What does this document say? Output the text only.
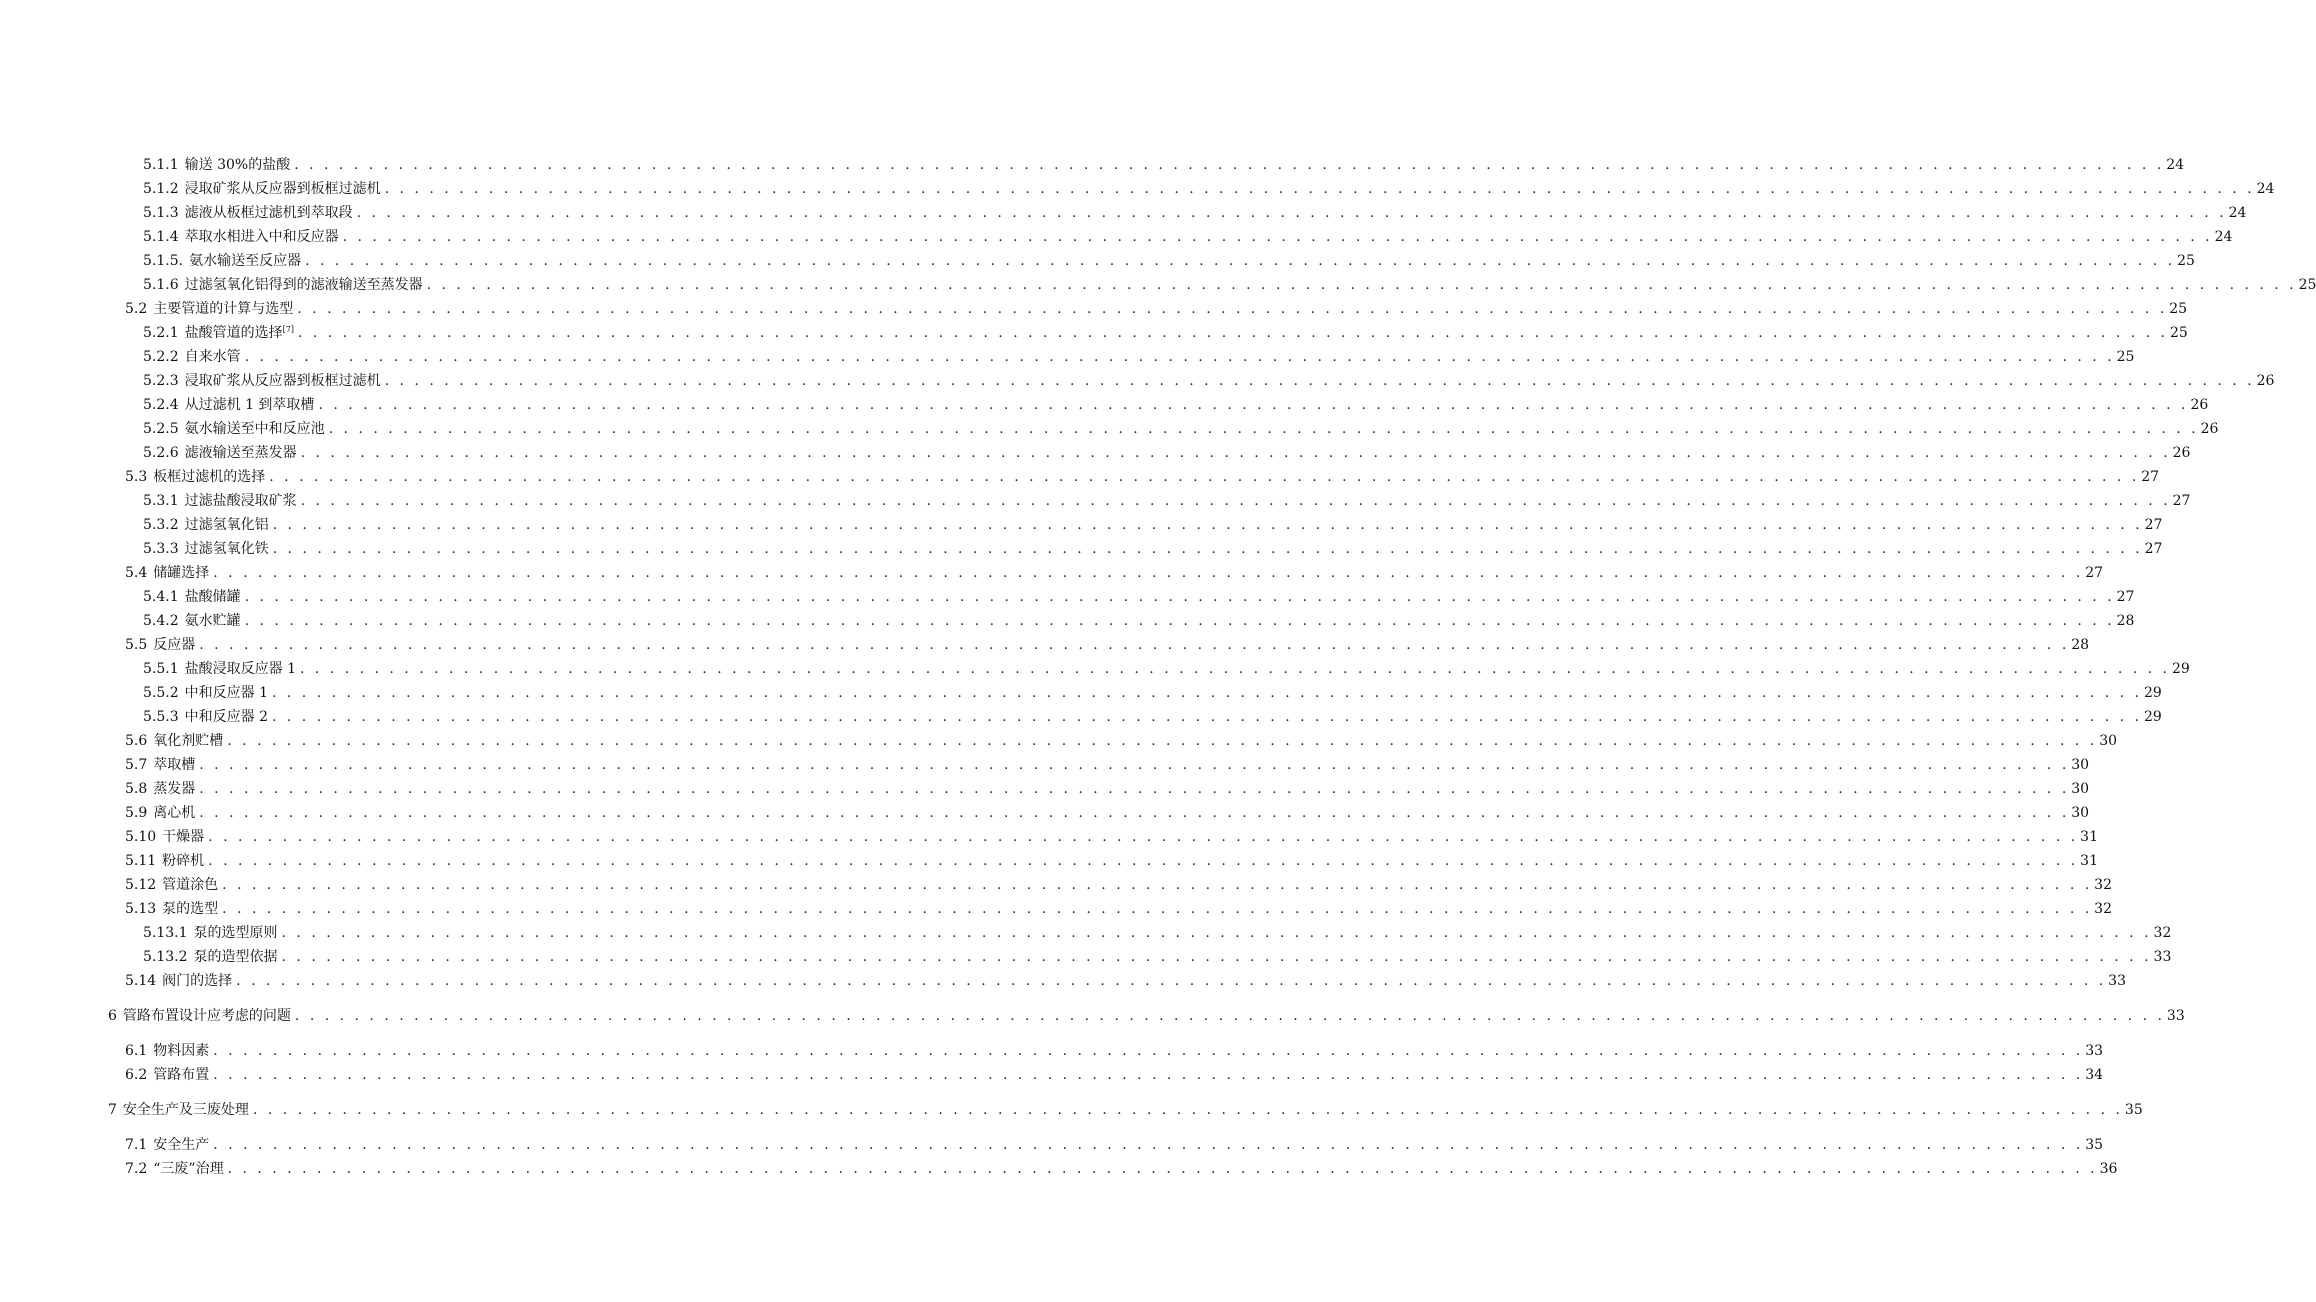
5.1.1 输送 30%的盐酸 . . . . . . . . . . . . . . . . . . . . . . . . . . . . . . . . . . . . . . . . . . . . . . . . . . . . . . . . . . . . . . . . . . . . . . . . . . . . . . . . . . . . . . . . . . . . . . . . . . . . . . . . . . . . . . . . . . . . . . . . . . . . . . 24
5.1.2 浸取矿浆从反应器到板框过滤机 . . . . . . . . . . . . . . . . . . . . . . . . . . . . . . . . . . . . . . . . . . . . . . . . . . . . . . . . . . . . . . . . . . . . . . . . . . . . . . . . . . . . . . . . . . . . . . . . . . . . . . . . . . . . . . . . . . . . . . . . . . . . . . 24
5.1.3 滤液从板框过滤机到萃取段 . . . . . . . . . . . . . . . . . . . . . . . . . . . . . . . . . . . . . . . . . . . . . . . . . . . . . . . . . . . . . . . . . . . . . . . . . . . . . . . . . . . . . . . . . . . . . . . . . . . . . . . . . . . . . . . . . . . . . . . . . . . . . . 24
5.1.4 萃取水相进入中和反应器 . . . . . . . . . . . . . . . . . . . . . . . . . . . . . . . . . . . . . . . . . . . . . . . . . . . . . . . . . . . . . . . . . . . . . . . . . . . . . . . . . . . . . . . . . . . . . . . . . . . . . . . . . . . . . . . . . . . . . . . . . . . . . . 24
5.1.5. 氨水输送至反应器 . . . . . . . . . . . . . . . . . . . . . . . . . . . . . . . . . . . . . . . . . . . . . . . . . . . . . . . . . . . . . . . . . . . . . . . . . . . . . . . . . . . . . . . . . . . . . . . . . . . . . . . . . . . . . . . . . . . . . . . . . . . . . . 25
5.1.6 过滤氢氧化铝得到的滤液输送至蒸发器 . . . . . . . . . . . . . . . . . . . . . . . . . . . . . . . . . . . . . . . . . . . . . . . . . . . . . . . . . . . . . . . . . . . . . . . . . . . . . . . . . . . . . . . . . . . . . . . . . . . . . . . . . . . . . . . . . . . . . . . . . . . . . . 25
5.2 主要管道的计算与选型 . . . . . . . . . . . . . . . . . . . . . . . . . . . . . . . . . . . . . . . . . . . . . . . . . . . . . . . . . . . . . . . . . . . . . . . . . . . . . . . . . . . . . . . . . . . . . . . . . . . . . . . . . . . . . . . . . . . . . . . . . . . . . . 25
5.2.1 盐酸管道的选择[7] . . . . . . . . . . . . . . . . . . . . . . . . . . . . . . . . . . . . . . . . . . . . . . . . . . . . . . . . . . . . . . . . . . . . . . . . . . . . . . . . . . . . . . . . . . . . . . . . . . . . . . . . . . . . . . . . . . . . . . . . . . . . . . 25
5.2.2 自来水管 . . . . . . . . . . . . . . . . . . . . . . . . . . . . . . . . . . . . . . . . . . . . . . . . . . . . . . . . . . . . . . . . . . . . . . . . . . . . . . . . . . . . . . . . . . . . . . . . . . . . . . . . . . . . . . . . . . . . . . . . . . . . . . 25
5.2.3 浸取矿浆从反应器到板框过滤机 . . . . . . . . . . . . . . . . . . . . . . . . . . . . . . . . . . . . . . . . . . . . . . . . . . . . . . . . . . . . . . . . . . . . . . . . . . . . . . . . . . . . . . . . . . . . . . . . . . . . . . . . . . . . . . . . . . . . . . . . . . . . . . 26
5.2.4 从过滤机 1 到萃取槽 . . . . . . . . . . . . . . . . . . . . . . . . . . . . . . . . . . . . . . . . . . . . . . . . . . . . . . . . . . . . . . . . . . . . . . . . . . . . . . . . . . . . . . . . . . . . . . . . . . . . . . . . . . . . . . . . . . . . . . . . . . . . . . 26
5.2.5 氨水输送至中和反应池 . . . . . . . . . . . . . . . . . . . . . . . . . . . . . . . . . . . . . . . . . . . . . . . . . . . . . . . . . . . . . . . . . . . . . . . . . . . . . . . . . . . . . . . . . . . . . . . . . . . . . . . . . . . . . . . . . . . . . . . . . . . . . . 26
5.2.6 滤液输送至蒸发器 . . . . . . . . . . . . . . . . . . . . . . . . . . . . . . . . . . . . . . . . . . . . . . . . . . . . . . . . . . . . . . . . . . . . . . . . . . . . . . . . . . . . . . . . . . . . . . . . . . . . . . . . . . . . . . . . . . . . . . . . . . . . . . 26
5.3 板框过滤机的选择 . . . . . . . . . . . . . . . . . . . . . . . . . . . . . . . . . . . . . . . . . . . . . . . . . . . . . . . . . . . . . . . . . . . . . . . . . . . . . . . . . . . . . . . . . . . . . . . . . . . . . . . . . . . . . . . . . . . . . . . . . . . . . . 27
5.3.1 过滤盐酸浸取矿浆 . . . . . . . . . . . . . . . . . . . . . . . . . . . . . . . . . . . . . . . . . . . . . . . . . . . . . . . . . . . . . . . . . . . . . . . . . . . . . . . . . . . . . . . . . . . . . . . . . . . . . . . . . . . . . . . . . . . . . . . . . . . . . . 27
5.3.2 过滤氢氧化铝 . . . . . . . . . . . . . . . . . . . . . . . . . . . . . . . . . . . . . . . . . . . . . . . . . . . . . . . . . . . . . . . . . . . . . . . . . . . . . . . . . . . . . . . . . . . . . . . . . . . . . . . . . . . . . . . . . . . . . . . . . . . . . . 27
5.3.3 过滤氢氧化铁 . . . . . . . . . . . . . . . . . . . . . . . . . . . . . . . . . . . . . . . . . . . . . . . . . . . . . . . . . . . . . . . . . . . . . . . . . . . . . . . . . . . . . . . . . . . . . . . . . . . . . . . . . . . . . . . . . . . . . . . . . . . . . . 27
5.4 储罐选择 . . . . . . . . . . . . . . . . . . . . . . . . . . . . . . . . . . . . . . . . . . . . . . . . . . . . . . . . . . . . . . . . . . . . . . . . . . . . . . . . . . . . . . . . . . . . . . . . . . . . . . . . . . . . . . . . . . . . . . . . . . . . . . 27
5.4.1 盐酸储罐 . . . . . . . . . . . . . . . . . . . . . . . . . . . . . . . . . . . . . . . . . . . . . . . . . . . . . . . . . . . . . . . . . . . . . . . . . . . . . . . . . . . . . . . . . . . . . . . . . . . . . . . . . . . . . . . . . . . . . . . . . . . . . . 27
5.4.2 氨水贮罐 . . . . . . . . . . . . . . . . . . . . . . . . . . . . . . . . . . . . . . . . . . . . . . . . . . . . . . . . . . . . . . . . . . . . . . . . . . . . . . . . . . . . . . . . . . . . . . . . . . . . . . . . . . . . . . . . . . . . . . . . . . . . . . 28
5.5 反应器 . . . . . . . . . . . . . . . . . . . . . . . . . . . . . . . . . . . . . . . . . . . . . . . . . . . . . . . . . . . . . . . . . . . . . . . . . . . . . . . . . . . . . . . . . . . . . . . . . . . . . . . . . . . . . . . . . . . . . . . . . . . . . . 28
5.5.1 盐酸浸取反应器 1 . . . . . . . . . . . . . . . . . . . . . . . . . . . . . . . . . . . . . . . . . . . . . . . . . . . . . . . . . . . . . . . . . . . . . . . . . . . . . . . . . . . . . . . . . . . . . . . . . . . . . . . . . . . . . . . . . . . . . . . . . . . . . . 29
5.5.2 中和反应器 1 . . . . . . . . . . . . . . . . . . . . . . . . . . . . . . . . . . . . . . . . . . . . . . . . . . . . . . . . . . . . . . . . . . . . . . . . . . . . . . . . . . . . . . . . . . . . . . . . . . . . . . . . . . . . . . . . . . . . . . . . . . . . . . 29
5.5.3 中和反应器 2 . . . . . . . . . . . . . . . . . . . . . . . . . . . . . . . . . . . . . . . . . . . . . . . . . . . . . . . . . . . . . . . . . . . . . . . . . . . . . . . . . . . . . . . . . . . . . . . . . . . . . . . . . . . . . . . . . . . . . . . . . . . . . . 29
5.6 氧化剂贮槽 . . . . . . . . . . . . . . . . . . . . . . . . . . . . . . . . . . . . . . . . . . . . . . . . . . . . . . . . . . . . . . . . . . . . . . . . . . . . . . . . . . . . . . . . . . . . . . . . . . . . . . . . . . . . . . . . . . . . . . . . . . . . . . 30
5.7 萃取槽 . . . . . . . . . . . . . . . . . . . . . . . . . . . . . . . . . . . . . . . . . . . . . . . . . . . . . . . . . . . . . . . . . . . . . . . . . . . . . . . . . . . . . . . . . . . . . . . . . . . . . . . . . . . . . . . . . . . . . . . . . . . . . . 30
5.8 蒸发器 . . . . . . . . . . . . . . . . . . . . . . . . . . . . . . . . . . . . . . . . . . . . . . . . . . . . . . . . . . . . . . . . . . . . . . . . . . . . . . . . . . . . . . . . . . . . . . . . . . . . . . . . . . . . . . . . . . . . . . . . . . . . . . 30
5.9 离心机 . . . . . . . . . . . . . . . . . . . . . . . . . . . . . . . . . . . . . . . . . . . . . . . . . . . . . . . . . . . . . . . . . . . . . . . . . . . . . . . . . . . . . . . . . . . . . . . . . . . . . . . . . . . . . . . . . . . . . . . . . . . . . . 30
5.10 干燥器 . . . . . . . . . . . . . . . . . . . . . . . . . . . . . . . . . . . . . . . . . . . . . . . . . . . . . . . . . . . . . . . . . . . . . . . . . . . . . . . . . . . . . . . . . . . . . . . . . . . . . . . . . . . . . . . . . . . . . . . . . . . . . . 31
5.11 粉碎机 . . . . . . . . . . . . . . . . . . . . . . . . . . . . . . . . . . . . . . . . . . . . . . . . . . . . . . . . . . . . . . . . . . . . . . . . . . . . . . . . . . . . . . . . . . . . . . . . . . . . . . . . . . . . . . . . . . . . . . . . . . . . . . 31
5.12 管道涂色 . . . . . . . . . . . . . . . . . . . . . . . . . . . . . . . . . . . . . . . . . . . . . . . . . . . . . . . . . . . . . . . . . . . . . . . . . . . . . . . . . . . . . . . . . . . . . . . . . . . . . . . . . . . . . . . . . . . . . . . . . . . . . . 32
5.13 泵的选型 . . . . . . . . . . . . . . . . . . . . . . . . . . . . . . . . . . . . . . . . . . . . . . . . . . . . . . . . . . . . . . . . . . . . . . . . . . . . . . . . . . . . . . . . . . . . . . . . . . . . . . . . . . . . . . . . . . . . . . . . . . . . . . 32
5.13.1 泵的选型原则 . . . . . . . . . . . . . . . . . . . . . . . . . . . . . . . . . . . . . . . . . . . . . . . . . . . . . . . . . . . . . . . . . . . . . . . . . . . . . . . . . . . . . . . . . . . . . . . . . . . . . . . . . . . . . . . . . . . . . . . . . . . . . . 32
5.13.2 泵的造型依据 . . . . . . . . . . . . . . . . . . . . . . . . . . . . . . . . . . . . . . . . . . . . . . . . . . . . . . . . . . . . . . . . . . . . . . . . . . . . . . . . . . . . . . . . . . . . . . . . . . . . . . . . . . . . . . . . . . . . . . . . . . . . . . 33
5.14 阀门的选择 . . . . . . . . . . . . . . . . . . . . . . . . . . . . . . . . . . . . . . . . . . . . . . . . . . . . . . . . . . . . . . . . . . . . . . . . . . . . . . . . . . . . . . . . . . . . . . . . . . . . . . . . . . . . . . . . . . . . . . . . . . . . . . 33
6 管路布置设计应考虑的问题 . . . . . . . . . . . . . . . . . . . . . . . . . . . . . . . . . . . . . . . . . . . . . . . . . . . . . . . . . . . . . . . . . . . . . . . . . . . . . . . . . . . . . . . . . . . . . . . . . . . . . . . . . . . . . . . . . . . . . . . . . . . . . . 33
6.1 物料因素 . . . . . . . . . . . . . . . . . . . . . . . . . . . . . . . . . . . . . . . . . . . . . . . . . . . . . . . . . . . . . . . . . . . . . . . . . . . . . . . . . . . . . . . . . . . . . . . . . . . . . . . . . . . . . . . . . . . . . . . . . . . . . . 33
6.2 管路布置 . . . . . . . . . . . . . . . . . . . . . . . . . . . . . . . . . . . . . . . . . . . . . . . . . . . . . . . . . . . . . . . . . . . . . . . . . . . . . . . . . . . . . . . . . . . . . . . . . . . . . . . . . . . . . . . . . . . . . . . . . . . . . . 34
7 安全生产及三废处理 . . . . . . . . . . . . . . . . . . . . . . . . . . . . . . . . . . . . . . . . . . . . . . . . . . . . . . . . . . . . . . . . . . . . . . . . . . . . . . . . . . . . . . . . . . . . . . . . . . . . . . . . . . . . . . . . . . . . . . . . . . . . . . 35
7.1 安全生产 . . . . . . . . . . . . . . . . . . . . . . . . . . . . . . . . . . . . . . . . . . . . . . . . . . . . . . . . . . . . . . . . . . . . . . . . . . . . . . . . . . . . . . . . . . . . . . . . . . . . . . . . . . . . . . . . . . . . . . . . . . . . . . 35
7.2 “三废”治理 . . . . . . . . . . . . . . . . . . . . . . . . . . . . . . . . . . . . . . . . . . . . . . . . . . . . . . . . . . . . . . . . . . . . . . . . . . . . . . . . . . . . . . . . . . . . . . . . . . . . . . . . . . . . . . . . . . . . . . . . . . . . . . 36
